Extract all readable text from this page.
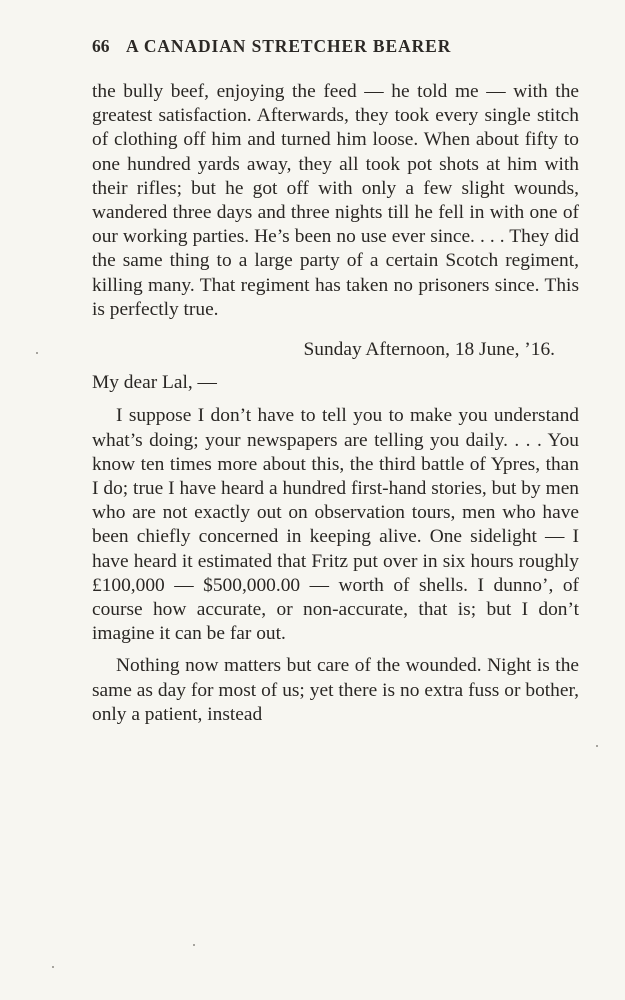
66 A CANADIAN STRETCHER BEARER

the bully beef, enjoying the feed — he told me — with the greatest satisfaction. Afterwards, they took every single stitch of clothing off him and turned him loose. When about fifty to one hundred yards away, they all took pot shots at him with their rifles; but he got off with only a few slight wounds, wandered three days and three nights till he fell in with one of our working parties. He’s been no use ever since. . . . They did the same thing to a large party of a certain Scotch regiment, killing many. That regiment has taken no prisoners since. This is perfectly true.

Sunday Afternoon, 18 June, ’16.

My dear Lal, —

I suppose I don’t have to tell you to make you understand what’s doing; your newspapers are telling you daily. . . . You know ten times more about this, the third battle of Ypres, than I do; true I have heard a hundred first-hand stories, but by men who are not exactly out on observation tours, men who have been chiefly concerned in keeping alive. One sidelight — I have heard it estimated that Fritz put over in six hours roughly £100,000 — $500,000.00 — worth of shells. I dunno’, of course how accurate, or non-accurate, that is; but I don’t imagine it can be far out.

Nothing now matters but care of the wounded. Night is the same as day for most of us; yet there is no extra fuss or bother, only a patient, instead
